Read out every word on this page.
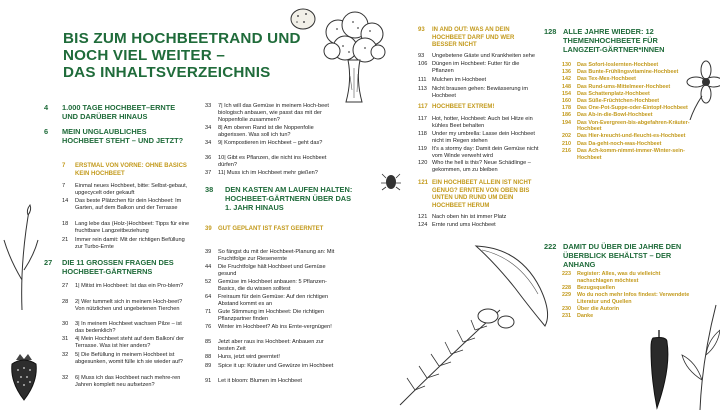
BIS ZUM HOCHBEETRAND UND
NOCH VIEL WEITER –
DAS INHALTSVERZEICHNIS
4	1.000 TAGE HOCHBEET–ERNTE UND DARÜBER HINAUS
6	MEIN UNGLAUBLICHES HOCHBEET STEHT – UND JETZT?
7	ERSTMAL VON VORNE: OHNE BASICS KEIN HOCHBEET
7	Einmal neues Hochbeet, bitte: Selbst-gebaut, upgecycelt oder gekauft
14	Das beste Plätzchen für dein Hochbeet: Im Garten, auf dem Balkon und der Terrasse
18	Lang lebe das (Holz-)Hochbeet: Tipps für eine fruchtbare Langzeitbeziehung
21	Immer rein damit: Mit der richtigen Befüllung zur Turbo-Ernte
27	DIE 11 GROSSEN FRAGEN DES HOCHBEET-GÄRTNERNS
27	1| Mitist im Hochbeet: Ist das ein Pro-blem?
28	2| Wer tummelt sich in meinem Hoch-beet? Von nützlichen und ungebetenen Tierchen
30	3| In meinem Hochbeet wachsen Pilze – ist das bedenklich?
31	4| Mein Hochbeet steht auf dem Balkon/ der Terrasse. Was ist hier anders?
32	5| Die Befüllung in meinem Hochbeet ist abgesunken, womit fülle ich sie wieder auf?
32	6| Muss ich das Hochbeet nach mehre-ren Jahren komplett neu aufsetzen?
33	7| Ich will das Gemüse in meinem Hoch-beet biologisch anbauen, wie passt das mit der Noppenfolie zusammen?
34	8| Am oberen Rand ist die Noppenfolie abgerissen. Was soll ich tun?
34	9| Kompostieren im Hochbeet – geht das?
36	10| Gibt es Pflanzen, die nicht ins Hochbeet dürfen?
37	11| Muss ich im Hochbeet mehr gießen?
38	DEN KASTEN AM LAUFEN HALTEN: HOCHBEET-GÄRTNERN ÜBER DAS 1. JAHR HINAUS
39	GUT GEPLANT IST FAST GEERNTET
39	So fängst du mit der Hochbeet-Planung an: Mit Fruchtfolge zur Riesenernte
44	Die Fruchtfolge hält Hochbeet und Gemüse gesund
52	Gemüse im Hochbeet anbauen: 5 Pflanzen-Basics, die du wissen solltest
64	Freiraum für dein Gemüse: Auf den richtigen Abstand kommt es an
71	Gute Stimmung im Hochbeet: Die richtigen Pflanzpartner finden
76	Winter im Hochbeet? Ab ins Ernte-vergnügen!
85	Jetzt aber raus ins Hochbeet: Anbauen zur besten Zeit
88	Huns, jetzt wird geerntet!
89	Spice it up: Kräuter und Gewürze im Hochbeet
91	Let it bloom: Blumen im Hochbeet
93	IN AND OUT: WAS AN DEIN HOCHBEET DARF UND WER BESSER NICHT
93	Ungebetene Gäste und Krankheiten sehe
106 Düngen im Hochbeet: Futter für die Pflanzen
111 Mulchen im Hochbeet
113 Nicht brausen gehen: Bewässerung im Hochbeet
117 HOCHBEET EXTREM!
117 Hot, hotter, Hochbeet: Auch bei Hitze ein kühles Beet behalten
118 Under my umbrella: Lasse dein Hochbeet nicht im Regen stehen
119 It's a stormy day: Damit dein Gemüse nicht vom Winde verweht wird
120 Who the hell is this? Neue Schädlinge – gekommen, um zu bleiben
121 EIN HOCHBEET ALLEIN IST NICHT GENUG? ERNTEN VON OBEN BIS UNTEN UND RUND UM DEIN HOCHBEET HERUM
121 Nach oben hin ist immer Platz
124 Ernte rund ums Hochbeet
128 ALLE JAHRE WIEDER: 12 THEMENHOCHBEETE FÜR LANGZEIT-GÄRTNER*INNEN
130	Das Sofort-loslernten-Hochbeet
136	Das Bunte-Frühlingsvitamine-Hochbeet
142	Das Tex-Mex-Hochbeet
148	Das Rund-ums-Mittelmeer-Hochbeet
154	Das Schattenplatz-Hochbeet
160	Das Süße-Früchtchen-Hochbeet
178	Das One-Pot-Suppe-oder-Eintopf-Hochbeet
186	Das Ab-in-die-Bowl-Hochbeet
194	Das Von-Evergreen-bis-abgefahren-Kräuter-Hochbeet
202	Das Hier-kreucht-und-fleucht-es-Hochbeet
210	Das Da-geht-noch-was-Hochbeet
216	Das Ach-komm-nimmt-immer-Winter-sein-Hochbeet
222 DAMIT DU ÜBER DIE JAHRE DEN ÜBERBLICK BEHÄLTST – DER ANHANG
223	Register: Alles, was du vielleicht nachschlagen möchtest
228	Bezugsquellen
229	Wo du noch mehr Infos findest: Verwendete Literatur und Quellen
230	Über die Autorin
231	Danke
